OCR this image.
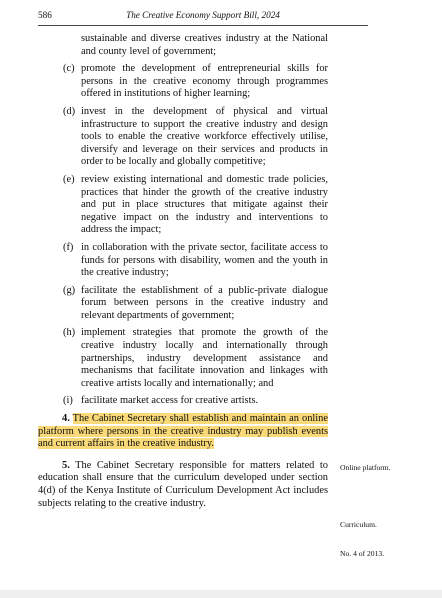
586	The Creative Economy Support Bill, 2024
sustainable and diverse creatives industry at the National and county level of government;
(c) promote the development of entrepreneurial skills for persons in the creative economy through programmes offered in institutions of higher learning;
(d) invest in the development of physical and virtual infrastructure to support the creative industry and design tools to enable the creative workforce effectively utilise, diversify and leverage on their services and products in order to be locally and globally competitive;
(e) review existing international and domestic trade policies, practices that hinder the growth of the creative industry and put in place structures that mitigate against their negative impact on the industry and interventions to address the impact;
(f) in collaboration with the private sector, facilitate access to funds for persons with disability, women and the youth in the creative industry;
(g) facilitate the establishment of a public-private dialogue forum between persons in the creative industry and relevant departments of government;
(h) implement strategies that promote the growth of the creative industry locally and internationally through partnerships, industry development assistance and mechanisms that facilitate innovation and linkages with creative artists locally and internationally; and
(i) facilitate market access for creative artists.
4. The Cabinet Secretary shall establish and maintain an online platform where persons in the creative industry may publish events and current affairs in the creative industry.
5. The Cabinet Secretary responsible for matters related to education shall ensure that the curriculum developed under section 4(d) of the Kenya Institute of Curriculum Development Act includes subjects relating to the creative industry.
Online platform.
Curriculum.
No. 4 of 2013.
